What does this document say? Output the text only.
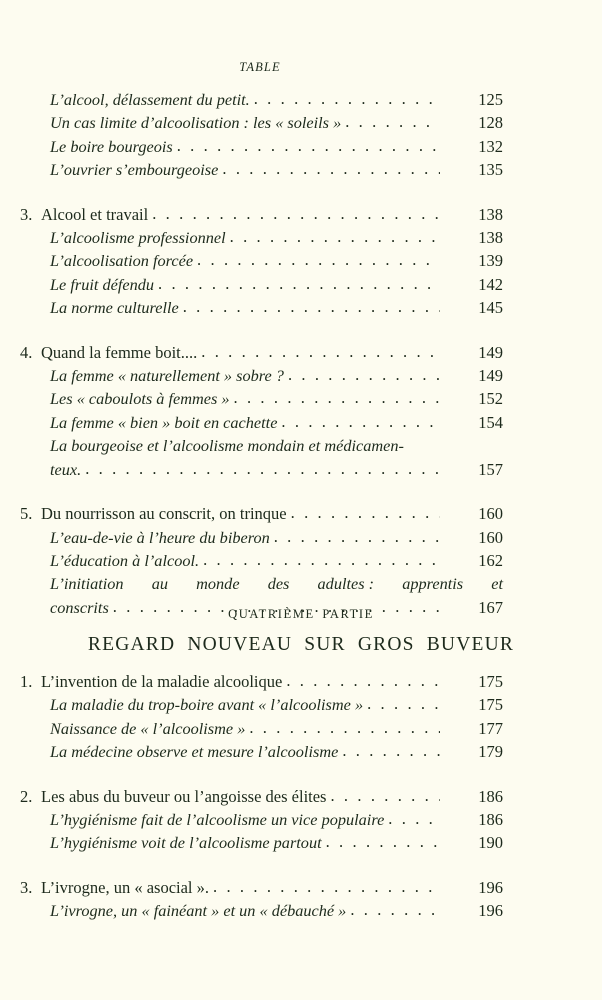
TABLE
L’alcool, délassement du petit. . . .	125
Un cas limite d’alcoolisation : les « soleils » . . .	128
Le boire bourgeois . . .	132
L’ouvrier s’embourgeoise . . .	135
3. Alcool et travail . . .	138
L’alcoolisme professionnel . . .	138
L’alcoolisation forcée . . .	139
Le fruit défendu . . .	142
La norme culturelle . . .	145
4. Quand la femme boit.... . . .	149
La femme « naturellement » sobre ? . . .	149
Les « caboulots à femmes » . . .	152
La femme « bien » boit en cachette . . .	154
La bourgeoise et l’alcoolisme mondain et médicamen-
teux. . . .	157
5. Du nourrisson au conscrit, on trinque . . .	160
L’eau-de-vie à l’heure du biberon . . .	160
L’éducation à l’alcool. . . .	162
L’initiation au monde des adultes : apprentis et
conscrits . . .	167
QUATRIÈME PARTIE
REGARD NOUVEAU SUR GROS BUVEUR
1. L’invention de la maladie alcoolique . . .	175
La maladie du trop-boire avant « l’alcoolisme » . . .	175
Naissance de « l’alcoolisme » . . .	177
La médecine observe et mesure l’alcoolisme . . .	179
2. Les abus du buveur ou l’angoisse des élites . . .	186
L’hygiénisme fait de l’alcoolisme un vice populaire . . .	186
L’hygiénisme voit de l’alcoolisme partout . . .	190
3. L’ivrogne, un « asocial ». . . .	196
L’ivrogne, un « fainéant » et un « débauché » . . .	196
